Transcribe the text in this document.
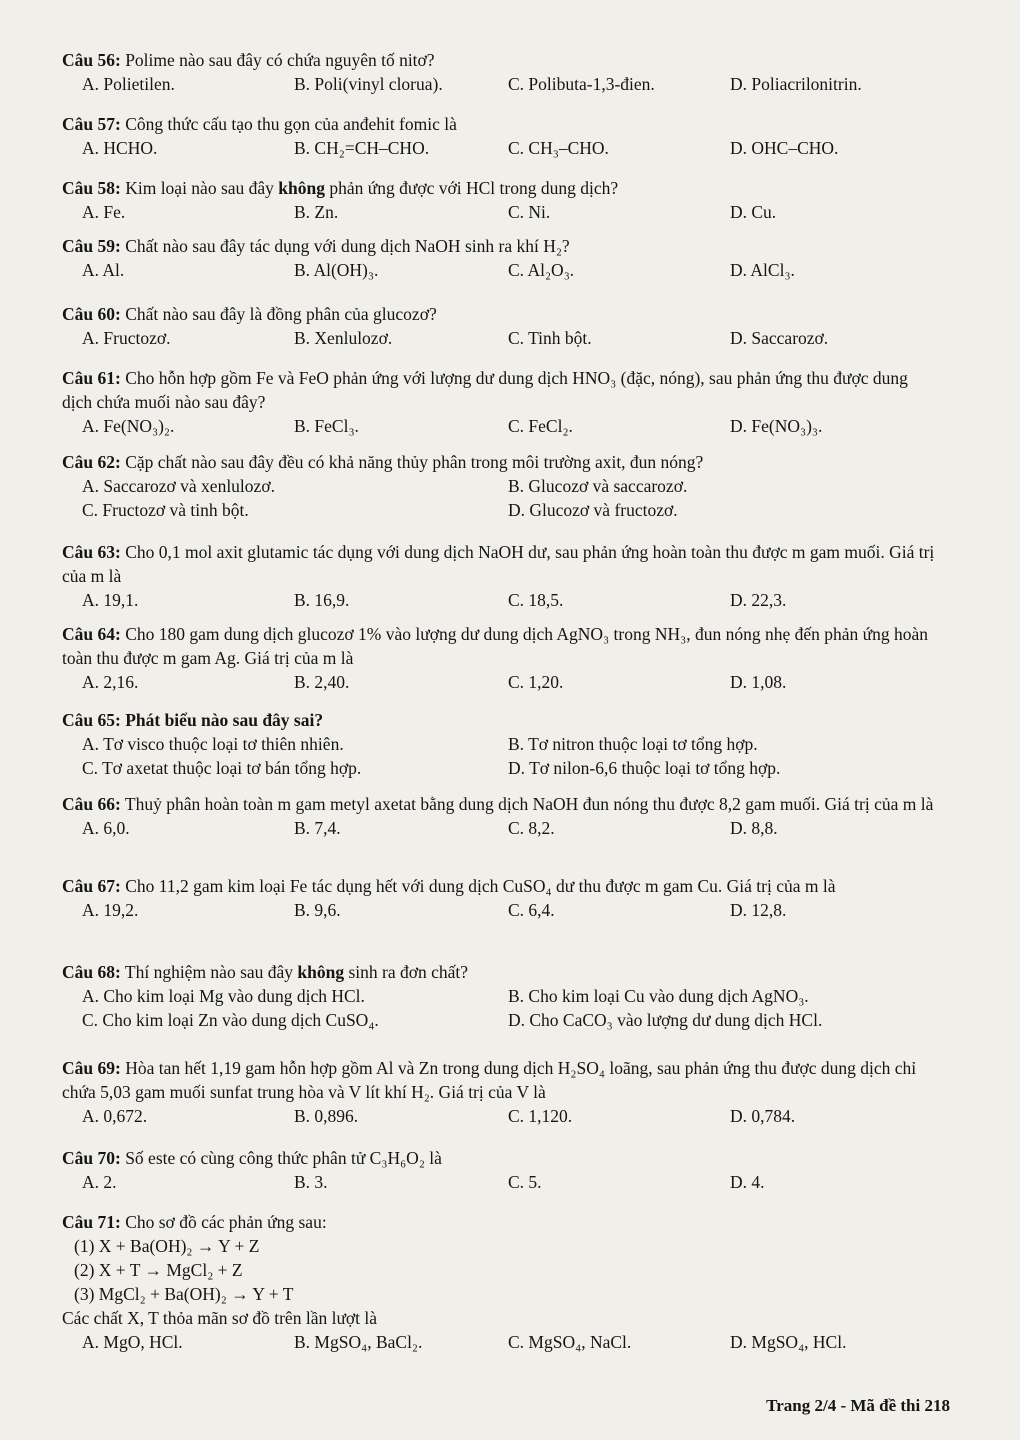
Câu 56: Polime nào sau đây có chứa nguyên tố nitơ?
A. Polietilen.	B. Poli(vinyl clorua).	C. Polibuta-1,3-đien.	D. Poliacrilonitrin.
Câu 57: Công thức cấu tạo thu gọn của anđehit fomic là
A. HCHO.	B. CH₂=CH–CHO.	C. CH₃–CHO.	D. OHC–CHO.
Câu 58: Kim loại nào sau đây không phản ứng được với HCl trong dung dịch?
A. Fe.	B. Zn.	C. Ni.	D. Cu.
Câu 59: Chất nào sau đây tác dụng với dung dịch NaOH sinh ra khí H₂?
A. Al.	B. Al(OH)₃.	C. Al₂O₃.	D. AlCl₃.
Câu 60: Chất nào sau đây là đồng phân của glucozơ?
A. Fructozơ.	B. Xenlulozơ.	C. Tinh bột.	D. Saccarozơ.
Câu 61: Cho hỗn hợp gồm Fe và FeO phản ứng với lượng dư dung dịch HNO₃ (đặc, nóng), sau phản ứng thu được dung dịch chứa muối nào sau đây?
A. Fe(NO₃)₂.	B. FeCl₃.	C. FeCl₂.	D. Fe(NO₃)₃.
Câu 62: Cặp chất nào sau đây đều có khả năng thủy phân trong môi trường axit, đun nóng?
A. Saccarozơ và xenlulozơ.	B. Glucozơ và saccarozơ.
C. Fructozơ và tinh bột.	D. Glucozơ và fructozơ.
Câu 63: Cho 0,1 mol axit glutamic tác dụng với dung dịch NaOH dư, sau phản ứng hoàn toàn thu được m gam muối. Giá trị của m là
A. 19,1.	B. 16,9.	C. 18,5.	D. 22,3.
Câu 64: Cho 180 gam dung dịch glucozơ 1% vào lượng dư dung dịch AgNO₃ trong NH₃, đun nóng nhẹ đến phản ứng hoàn toàn thu được m gam Ag. Giá trị của m là
A. 2,16.	B. 2,40.	C. 1,20.	D. 1,08.
Câu 65: Phát biểu nào sau đây sai?
A. Tơ visco thuộc loại tơ thiên nhiên.	B. Tơ nitron thuộc loại tơ tổng hợp.
C. Tơ axetat thuộc loại tơ bán tổng hợp.	D. Tơ nilon-6,6 thuộc loại tơ tổng hợp.
Câu 66: Thuỷ phân hoàn toàn m gam metyl axetat bằng dung dịch NaOH đun nóng thu được 8,2 gam muối. Giá trị của m là
A. 6,0.	B. 7,4.	C. 8,2.	D. 8,8.
Câu 67: Cho 11,2 gam kim loại Fe tác dụng hết với dung dịch CuSO₄ dư thu được m gam Cu. Giá trị của m là
A. 19,2.	B. 9,6.	C. 6,4.	D. 12,8.
Câu 68: Thí nghiệm nào sau đây không sinh ra đơn chất?
A. Cho kim loại Mg vào dung dịch HCl.	B. Cho kim loại Cu vào dung dịch AgNO₃.
C. Cho kim loại Zn vào dung dịch CuSO₄.	D. Cho CaCO₃ vào lượng dư dung dịch HCl.
Câu 69: Hòa tan hết 1,19 gam hỗn hợp gồm Al và Zn trong dung dịch H₂SO₄ loãng, sau phản ứng thu được dung dịch chỉ chứa 5,03 gam muối sunfat trung hòa và V lít khí H₂. Giá trị của V là
A. 0,672.	B. 0,896.	C. 1,120.	D. 0,784.
Câu 70: Số este có cùng công thức phân tử C₃H₆O₂ là
A. 2.	B. 3.	C. 5.	D. 4.
Câu 71: Cho sơ đồ các phản ứng sau:
(1) X + Ba(OH)₂ → Y + Z
(2) X + T → MgCl₂ + Z
(3) MgCl₂ + Ba(OH)₂ → Y + T
Các chất X, T thỏa mãn sơ đồ trên lần lượt là
A. MgO, HCl.	B. MgSO₄, BaCl₂.	C. MgSO₄, NaCl.	D. MgSO₄, HCl.
Trang 2/4 - Mã đề thi 218
